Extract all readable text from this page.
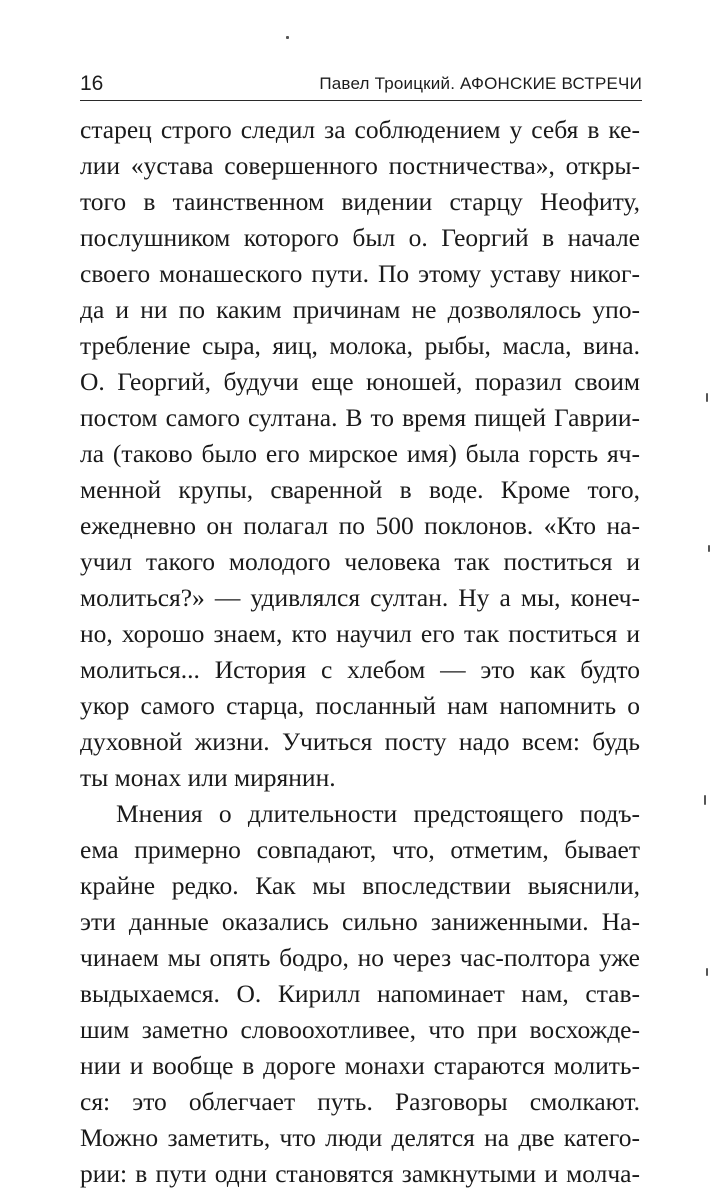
16	Павел Троицкий. АФОНСКИЕ ВСТРЕЧИ
старец строго следил за соблюдением у себя в ке-
лии «устава совершенного постничества», откры-
того в таинственном видении старцу Неофиту,
послушником которого был о. Георгий в начале
своего монашеского пути. По этому уставу никог-
да и ни по каким причинам не дозволялось упо-
требление сыра, яиц, молока, рыбы, масла, вина.
О. Георгий, будучи еще юношей, поразил своим
постом самого султана. В то время пищей Гаврии-
ла (таково было его мирское имя) была горсть яч-
менной крупы, сваренной в воде. Кроме того,
ежедневно он полагал по 500 поклонов. «Кто на-
учил такого молодого человека так поститься и
молиться?» — удивлялся султан. Ну а мы, конеч-
но, хорошо знаем, кто научил его так поститься и
молиться... История с хлебом — это как будто
укор самого старца, посланный нам напомнить о
духовной жизни. Учиться посту надо всем: будь
ты монах или мирянин.
Мнения о длительности предстоящего подъ-
ема примерно совпадают, что, отметим, бывает
крайне редко. Как мы впоследствии выяснили,
эти данные оказались сильно заниженными. На-
чинаем мы опять бодро, но через час-полтора уже
выдыхаемся. О. Кирилл напоминает нам, став-
шим заметно словоохотливее, что при восхожде-
нии и вообще в дороге монахи стараются молить-
ся: это облегчает путь. Разговоры смолкают.
Можно заметить, что люди делятся на две катего-
рии: в пути одни становятся замкнутыми и молча-
